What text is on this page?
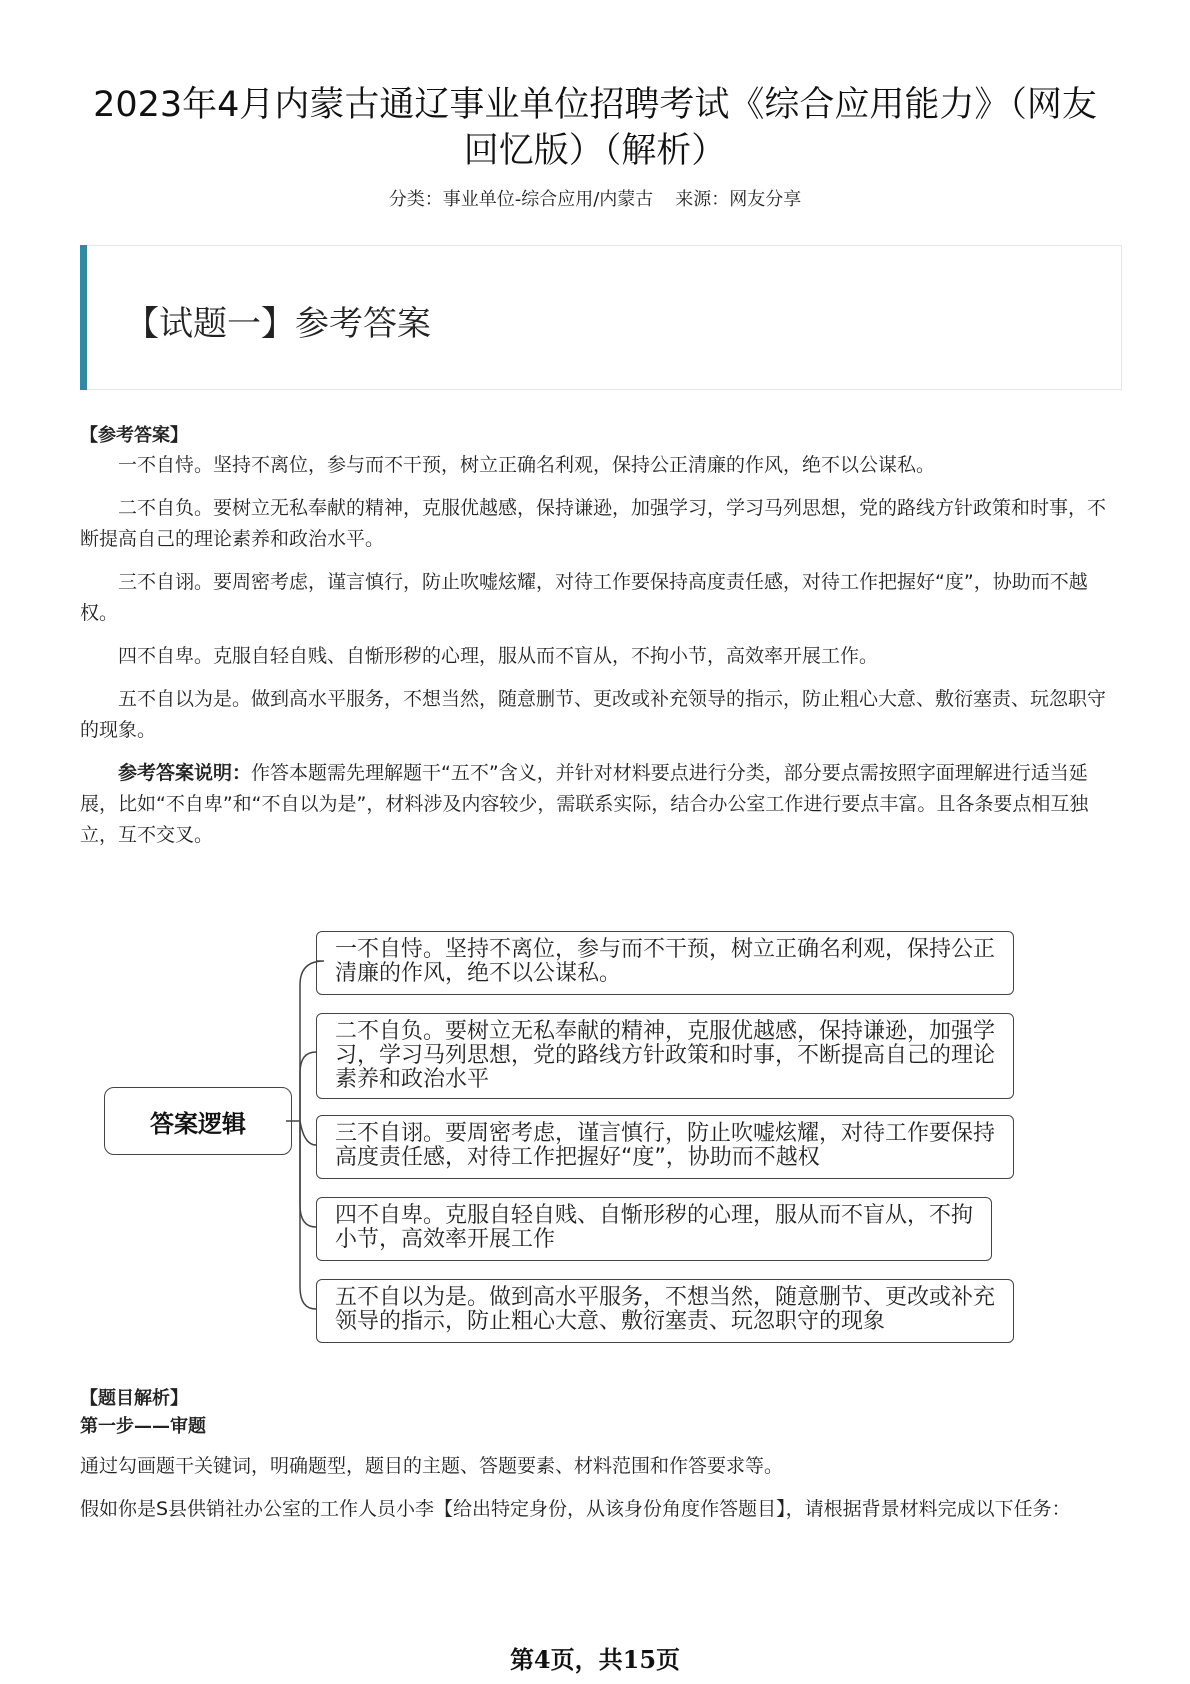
2023年4月内蒙古通辽事业单位招聘考试《综合应用能力》（网友回忆版）（解析）
分类：事业单位-综合应用/内蒙古 来源：网友分享
【试题一】参考答案
【参考答案】

一不自恃。坚持不离位，参与而不干预，树立正确名利观，保持公正清廉的作风，绝不以公谋私。

二不自负。要树立无私奉献的精神，克服优越感，保持谦逊，加强学习，学习马列思想，党的路线方针政策和时事，不断提高自己的理论素养和政治水平。

三不自诩。要周密考虑，谨言慎行，防止吹嘘炫耀，对待工作要保持高度责任感，对待工作把握好“度”，协助而不越权。

四不自卑。克服自轻自贱、自惭形秽的心理，服从而不盲从，不拘小节，高效率开展工作。

五不自以为是。做到高水平服务，不想当然，随意删节、更改或补充领导的指示，防止粗心大意、敷衍塞责、玩忽职守的现象。

参考答案说明：作答本题需先理解题干“五不”含义，并针对材料要点进行分类，部分要点需按照字面理解进行适当延展，比如“不自卑”和“不自以为是”，材料涉及内容较少，需联系实际，结合办公室工作进行要点丰富。且各条要点相互独立，互不交叉。

答案逻辑
一不自恃。坚持不离位，参与而不干预，树立正确名利观，保持公正清廉的作风，绝不以公谋私。
二不自负。要树立无私奉献的精神，克服优越感，保持谦逊，加强学习，学习马列思想，党的路线方针政策和时事，不断提高自己的理论素养和政治水平
三不自诩。要周密考虑，谨言慎行，防止吹嘘炫耀，对待工作要保持高度责任感，对待工作把握好“度”，协助而不越权
四不自卑。克服自轻自贱、自惭形秽的心理，服从而不盲从，不拘小节，高效率开展工作
五不自以为是。做到高水平服务，不想当然，随意删节、更改或补充领导的指示，防止粗心大意、敷衍塞责、玩忽职守的现象
【题目解析】
第一步——审题

通过勾画题干关键词，明确题型，题目的主题、答题要素、材料范围和作答要求等。

假如你是S县供销社办公室的工作人员小李【给出特定身份，从该身份角度作答题目】，请根据背景材料完成以下任务：

第4页，共15页
